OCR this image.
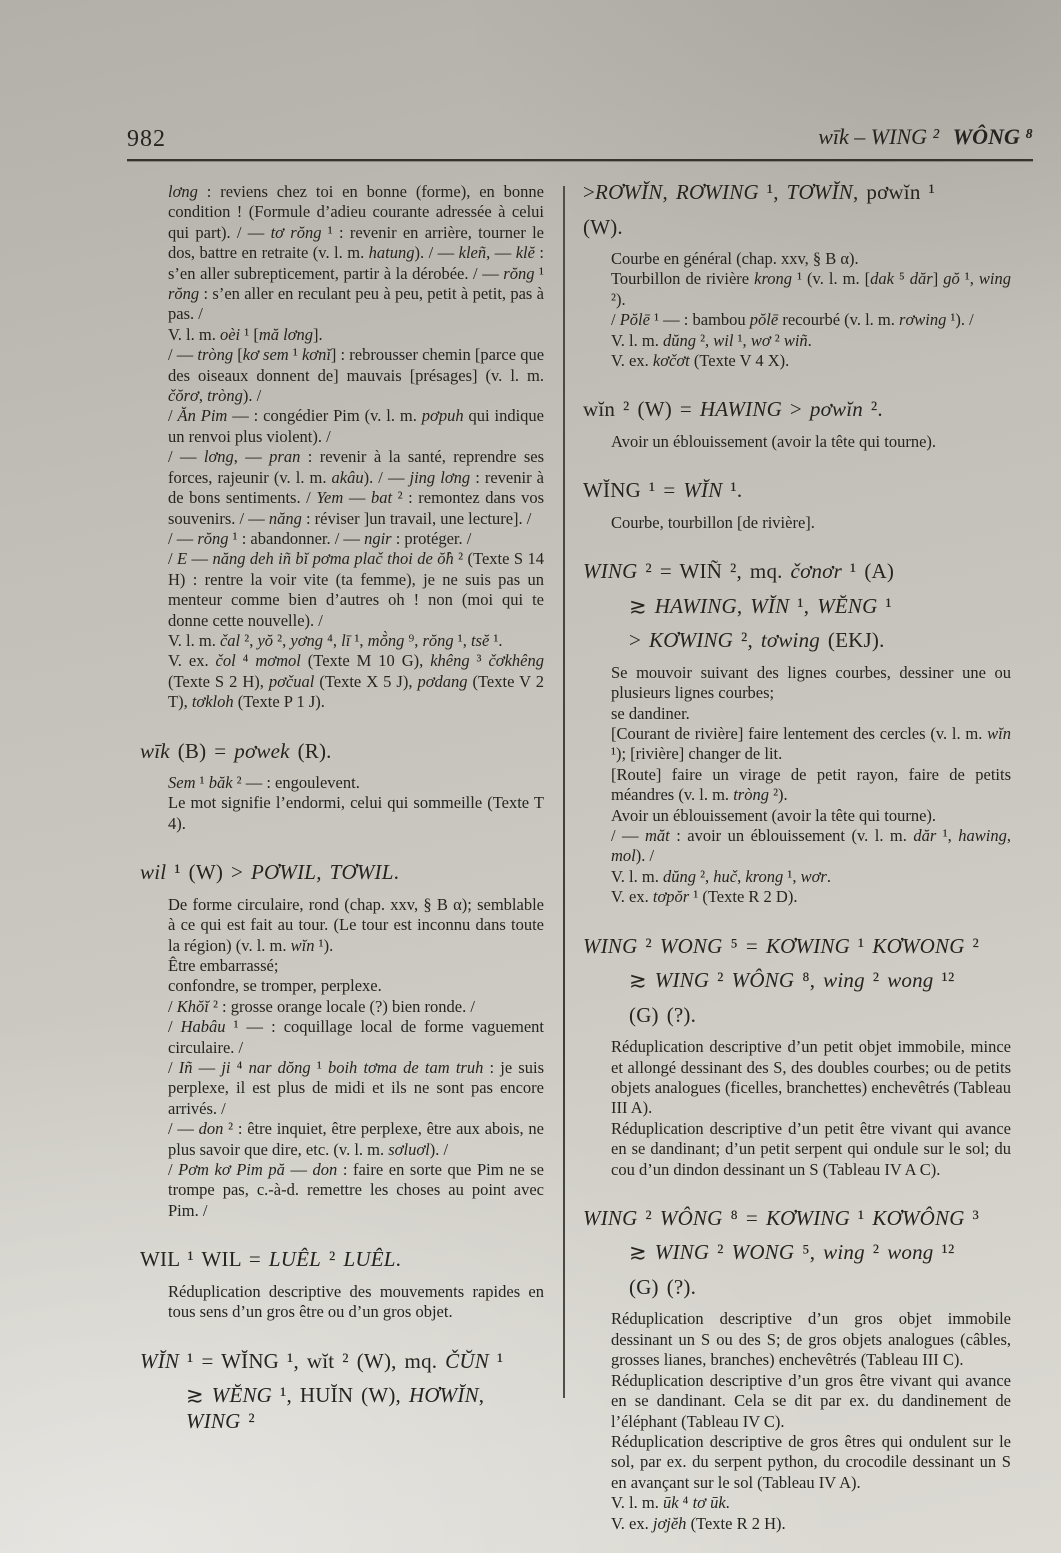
982	wīk – WING ² WÔNG ⁸

lơng : reviens chez toi en bonne (forme), en bonne condition ! (Formule d’adieu courante adressée à celui qui part). / — tơ rŏng ¹ : revenir en arrière, tourner le dos, battre en retraite (v. l. m. hatung). / — kleñ, — klĕ : s’en aller subrepticement, partir à la dérobée. / — rŏng ¹ rŏng : s’en aller en reculant peu à peu, petit à petit, pas à pas. /

V. l. m. oèi ¹ [mă lơng].

/ — tròng [kơ sem ¹ kơnĭ] : rebrousser chemin [parce que des oiseaux donnent de] mauvais [présages] (v. l. m. čŏrơ, tròng). /

/ Ăn Pim — : congédier Pim (v. l. m. pơpuh qui indique un renvoi plus violent). /

/ — lơng, — pran : revenir à la santé, reprendre ses forces, rajeunir (v. l. m. akâu). / — jing lơng : revenir à de bons sentiments. / Yem — bat ² : remontez dans vos souvenirs. / — năng : réviser ]un travail, une lecture]. /

/ — rŏng ¹ : abandonner. / — ngir : protéger. /

/ E — năng deh iñ bĭ pơma plač thoi de ŏ̂h ² (Texte S 14 H) : rentre la voir vite (ta femme), je ne suis pas un menteur comme bien d’autres oh ! non (moi qui te donne cette nouvelle). /

V. l. m. čal ², yŏ ², yơng ⁴, lī ¹, mŏ̀ng ⁹, rŏng ¹, tsĕ ¹.

V. ex. čol ⁴ mơmol (Texte M 10 G), khêng ³ čơkhêng (Texte S 2 H), pơčual (Texte X 5 J), pơdang (Texte V 2 T), tơkloh (Texte P 1 J).

wīk (B) = pơwek (R).

Sem ¹ băk ² — : engoulevent.

Le mot signifie l’endormi, celui qui sommeille (Texte T 4).

wil ¹ (W) > PƠWIL, TƠWIL.

De forme circulaire, rond (chap. xxv, § B α); semblable à ce qui est fait au tour. (Le tour est inconnu dans toute la région) (v. l. m. wĭn ¹).

Être embarrassé;

confondre, se tromper, perplexe.

/ Khŏĭ ² : grosse orange locale (?) bien ronde. /

/ Habâu ¹ — : coquillage local de forme vaguement circulaire. /

/ Iñ — ji ⁴ nar dŏng ¹ boih tơma de tam truh : je suis perplexe, il est plus de midi et ils ne sont pas encore arrivés. /

/ — don ² : être inquiet, être perplexe, être aux abois, ne plus savoir que dire, etc. (v. l. m. sơluơl). /

/ Pơm kơ Pim pă — don : faire en sorte que Pim ne se trompe pas, c.-à-d. remettre les choses au point avec Pim. /

WIL ¹ WIL = LUÊL ² LUÊL.

Réduplication descriptive des mouvements rapides en tous sens d’un gros être ou d’un gros objet.

WĬN ¹ = WĬNG ¹, wĭt ² (W), mq. ČŬN ¹

≳ WĔNG ¹, HUĬN (W), HƠWĬN, WING ²

>RƠWĬN, RƠWING ¹, TƠWĬN, pơwĭn ¹

(W).

Courbe en général (chap. xxv, § B α).

Tourbillon de rivière krong ¹ (v. l. m. [dak ⁵ dăr] gŏ ¹, wing ²).

/ Pŏlē ¹ — : bambou pŏlē recourbé (v. l. m. rơwing ¹). /

V. l. m. dŭng ², wil ¹, wơ ² wiñ.

V. ex. kơčơt (Texte V 4 X).

wĭn ² (W) = HAWING > pơwĭn ².

Avoir un éblouissement (avoir la tête qui tourne).

WĬNG ¹ = WĬN ¹.

Courbe, tourbillon [de rivière].

WING ² = WIÑ ², mq. čơnơr ¹ (A)

≳ HAWING, WĬN ¹, WĔNG ¹

> KƠWING ², tơwing (EKJ).

Se mouvoir suivant des lignes courbes, dessiner une ou plusieurs lignes courbes;

se dandiner.

[Courant de rivière] faire lentement des cercles (v. l. m. wĭn ¹); [rivière] changer de lit.

[Route] faire un virage de petit rayon, faire de petits méandres (v. l. m. tròng ²).

Avoir un éblouissement (avoir la tête qui tourne).

/ — măt : avoir un éblouissement (v. l. m. dăr ¹, hawing, mol). /

V. l. m. dŭng ², huč, krong ¹, wơr.

V. ex. tơpŏr ¹ (Texte R 2 D).

WING ² WONG ⁵ = KƠWING ¹ KƠWONG ²

≳ WING ² WÔNG ⁸, wing ² wong ¹²

(G) (?).

Réduplication descriptive d’un petit objet immobile, mince et allongé dessinant des S, des doubles courbes; ou de petits objets analogues (ficelles, branchettes) enchevêtrés (Tableau III A).

Réduplication descriptive d’un petit être vivant qui avance en se dandinant; d’un petit serpent qui ondule sur le sol; du cou d’un dindon dessinant un S (Tableau IV A C).

WING ² WÔNG ⁸ = KƠWING ¹ KƠWÔNG ³

≳ WING ² WONG ⁵, wing ² wong ¹²

(G) (?).

Réduplication descriptive d’un gros objet immobile dessinant un S ou des S; de gros objets analogues (câbles, grosses lianes, branches) enchevêtrés (Tableau III C).

Réduplication descriptive d’un gros être vivant qui avance en se dandinant. Cela se dit par ex. du dandinement de l’éléphant (Tableau IV C).

Réduplication descriptive de gros êtres qui ondulent sur le sol, par ex. du serpent python, du crocodile dessinant un S en avançant sur le sol (Tableau IV A).

V. l. m. ūk ⁴ tơ ūk.

V. ex. jơjĕh (Texte R 2 H).
